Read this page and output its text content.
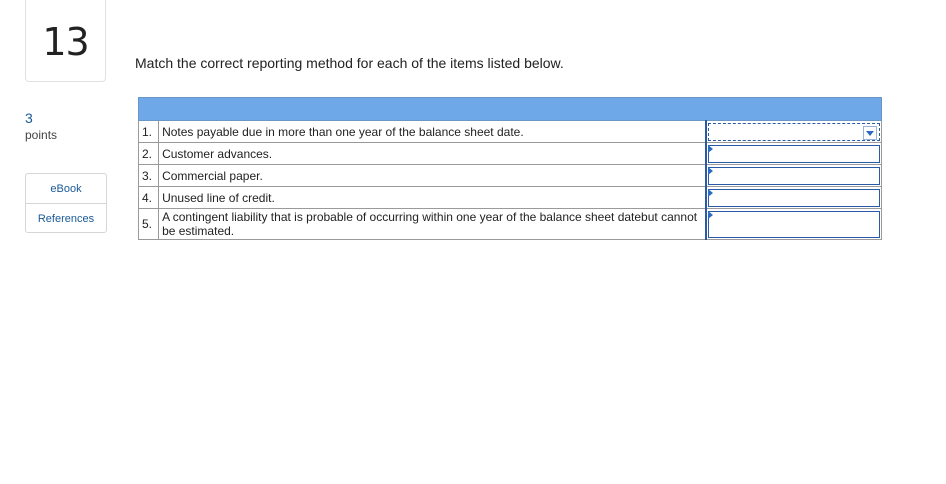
13
3
points
eBook
References
Match the correct reporting method for each of the items listed below.

1.	Notes payable due in more than one year of the balance sheet date.	

2.	Customer advances.	

3.	Commercial paper.	

4.	Unused line of credit.	

5.	A contingent liability that is probable of occurring within one year of the balance sheet datebut cannot be estimated.	
